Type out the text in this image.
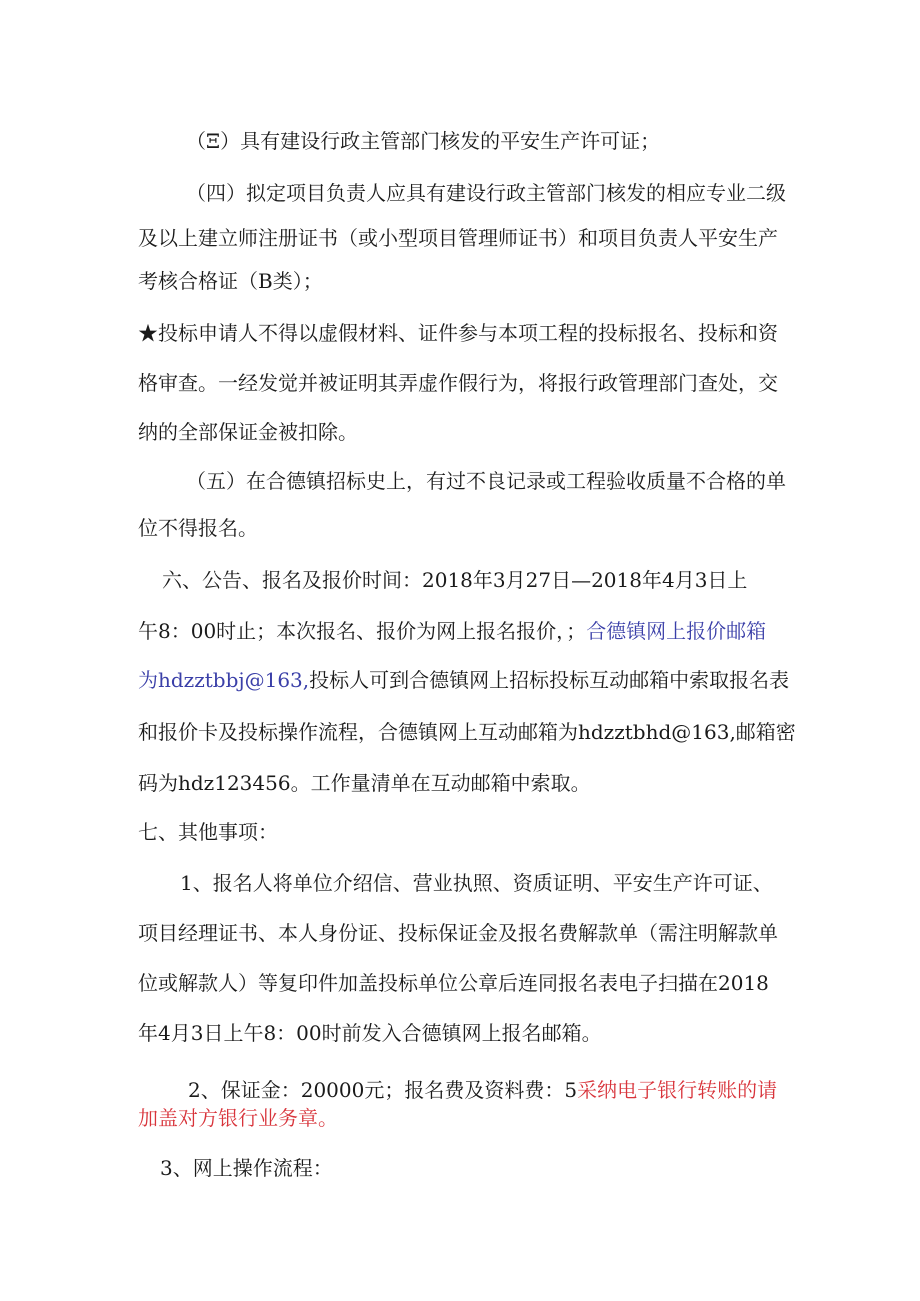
（Ξ）具有建设行政主管部门核发的平安生产许可证；
（四）拟定项目负责人应具有建设行政主管部门核发的相应专业二级
及以上建立师注册证书（或小型项目管理师证书）和项目负责人平安生产
考核合格证（B类）；
★投标申请人不得以虚假材料、证件参与本项工程的投标报名、投标和资
格审查。一经发觉并被证明其弄虚作假行为，将报行政管理部门查处，交
纳的全部保证金被扣除。
（五）在合德镇招标史上，有过不良记录或工程验收质量不合格的单
位不得报名。
六、公告、报名及报价时间：2018年3月27日—2018年4月3日上
午8：00时止；本次报名、报价为网上报名报价，；合德镇网上报价邮箱
为hdzztbbj@163,投标人可到合德镇网上招标投标互动邮箱中索取报名表
和报价卡及投标操作流程，合德镇网上互动邮箱为hdzztbhd@163,邮箱密
码为hdz123456。工作量清单在互动邮箱中索取。
七、其他事项：
1、报名人将单位介绍信、营业执照、资质证明、平安生产许可证、
项目经理证书、本人身份证、投标保证金及报名费解款单（需注明解款单
位或解款人）等复印件加盖投标单位公章后连同报名表电子扫描在2018
年4月3日上午8：00时前发入合德镇网上报名邮箱。
2、保证金：20000元；报名费及资料费：5采纳电子银行转账的请
加盖对方银行业务章。
3、网上操作流程：
